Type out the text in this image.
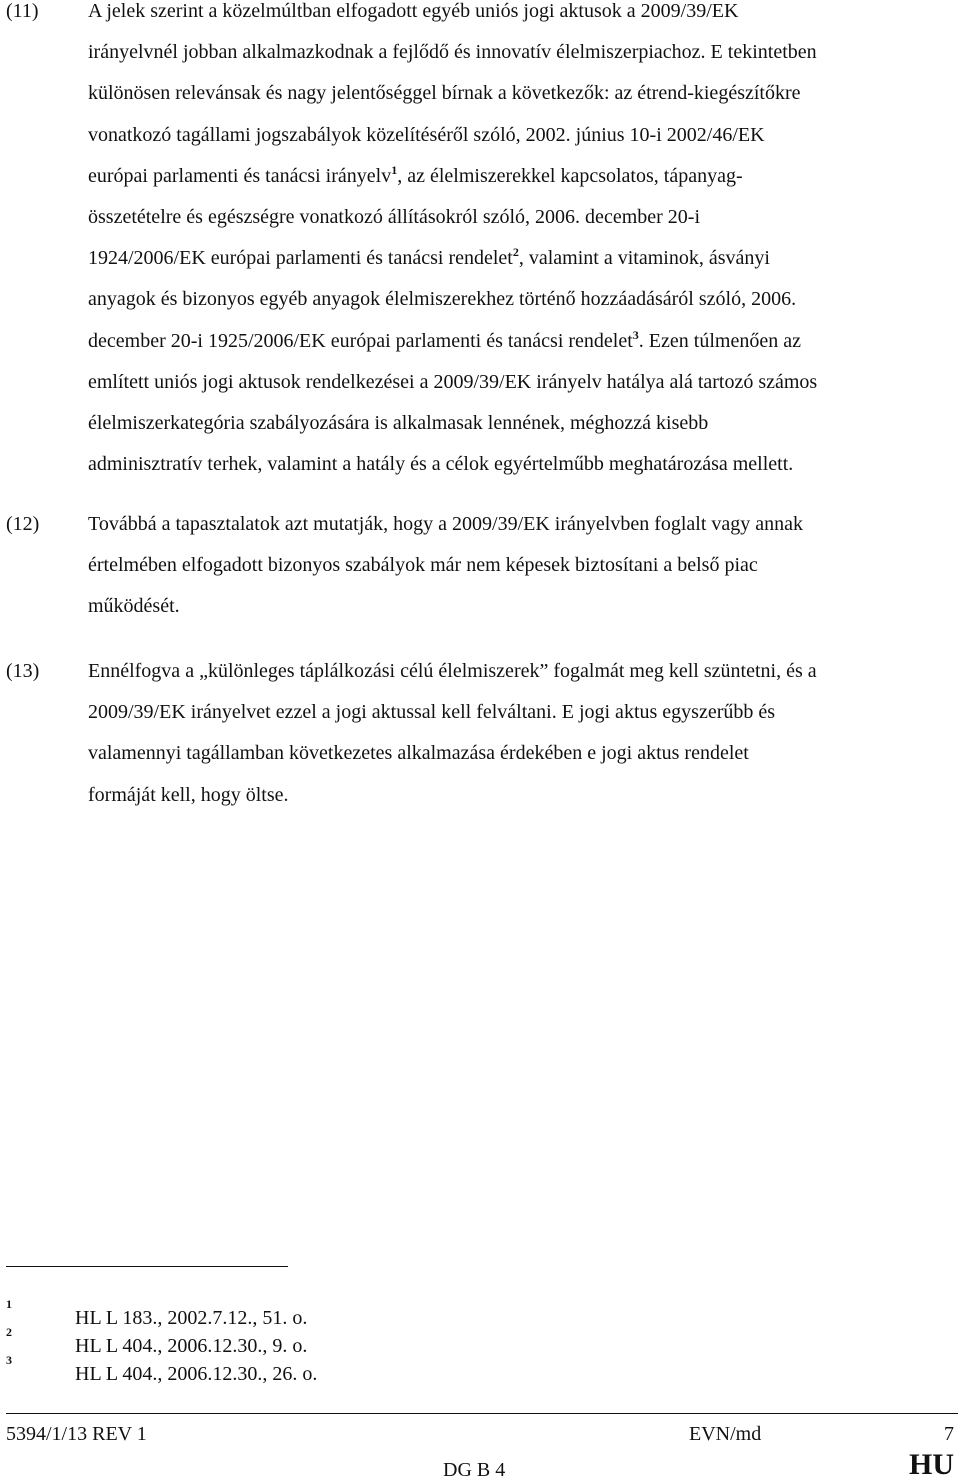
(11) A jelek szerint a közelmúltban elfogadott egyéb uniós jogi aktusok a 2009/39/EK
irányelvnél jobban alkalmazkodnak a fejlődő és innovatív élelmiszerpiachoz. E tekintetben
különösen relevánsak és nagy jelentőséggel bírnak a következők: az étrend-kiegészítőkre
vonatkozó tagállami jogszabályok közelítéséről szóló, 2002. június 10-i 2002/46/EK
európai parlamenti és tanácsi irányelv$^1$, az élelmiszerekkel kapcsolatos, tápanyag-
összetételre és egészségre vonatkozó állításokról szóló, 2006. december 20-i
1924/2006/EK európai parlamenti és tanácsi rendelet$^2$, valamint a vitaminok, ásványi
anyagok és bizonyos egyéb anyagok élelmiszerekhez történő hozzáadásáról szóló, 2006.
december 20-i 1925/2006/EK európai parlamenti és tanácsi rendelet$^3$. Ezen túlmenően az
említett uniós jogi aktusok rendelkezései a 2009/39/EK irányelv hatálya alá tartozó számos
élelmiszerkategória szabályozására is alkalmasak lennének, méghozzá kisebb
adminisztratív terhek, valamint a hatály és a célok egyértelműbb meghatározása mellett.
(12) Továbbá a tapasztalatok azt mutatják, hogy a 2009/39/EK irányelvben foglalt vagy annak
értelmében elfogadott bizonyos szabályok már nem képesek biztosítani a belső piac
működését.
(13) Ennélfogva a „különleges táplálkozási célú élelmiszerek” fogalmát meg kell szüntetni, és a
2009/39/EK irányelvet ezzel a jogi aktussal kell felváltani. E jogi aktus egyszerűbb és
valamennyi tagállamban következetes alkalmazása érdekében e jogi aktus rendelet
formáját kell, hogy öltse.
1
HL L 183., 2002.7.12., 51. o.
2
HL L 404., 2006.12.30., 9. o.
3
HL L 404., 2006.12.30., 26. o.
5394/1/13 REV 1	EVN/md	7
DG B 4	HU
